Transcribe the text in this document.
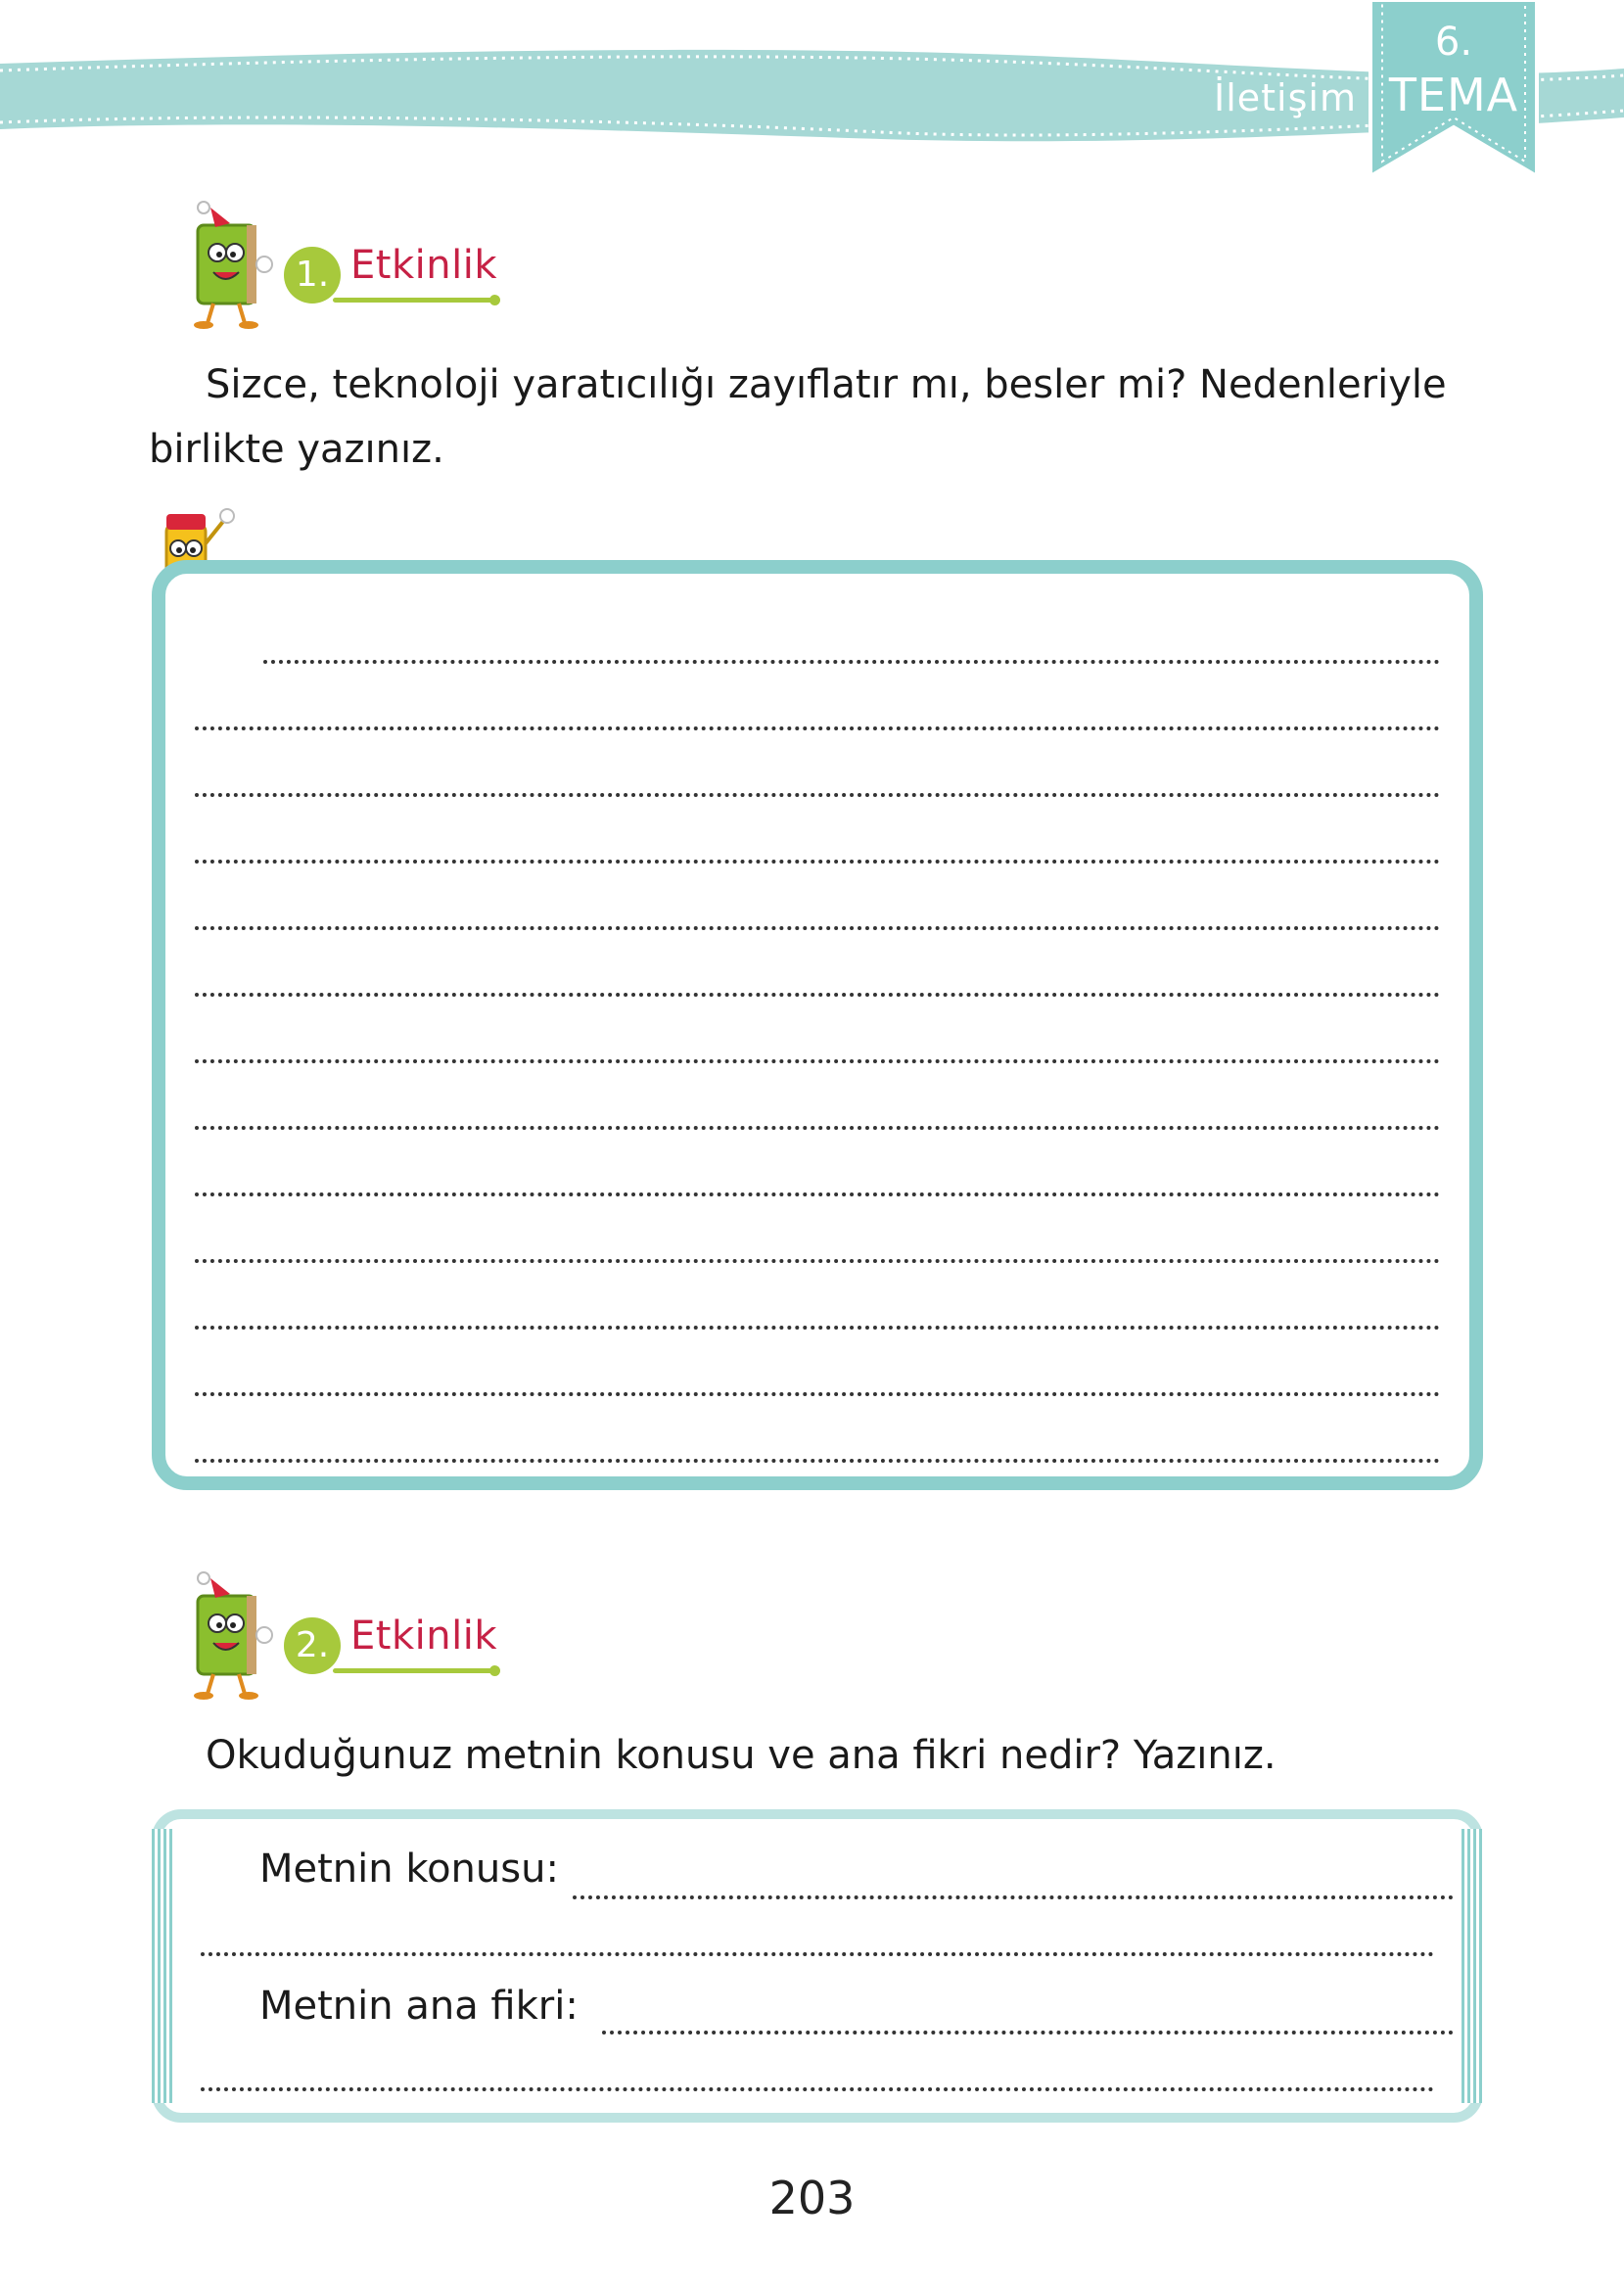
İletişim
6.
TEMA
1. Etkinlik
Sizce, teknoloji yaratıcılığı zayıflatır mı, besler mi? Nedenleriyle
birlikte yazınız.
2. Etkinlik
Okuduğunuz metnin konusu ve ana fikri nedir? Yazınız.
Metnin konusu:
Metnin ana fikri:
203
